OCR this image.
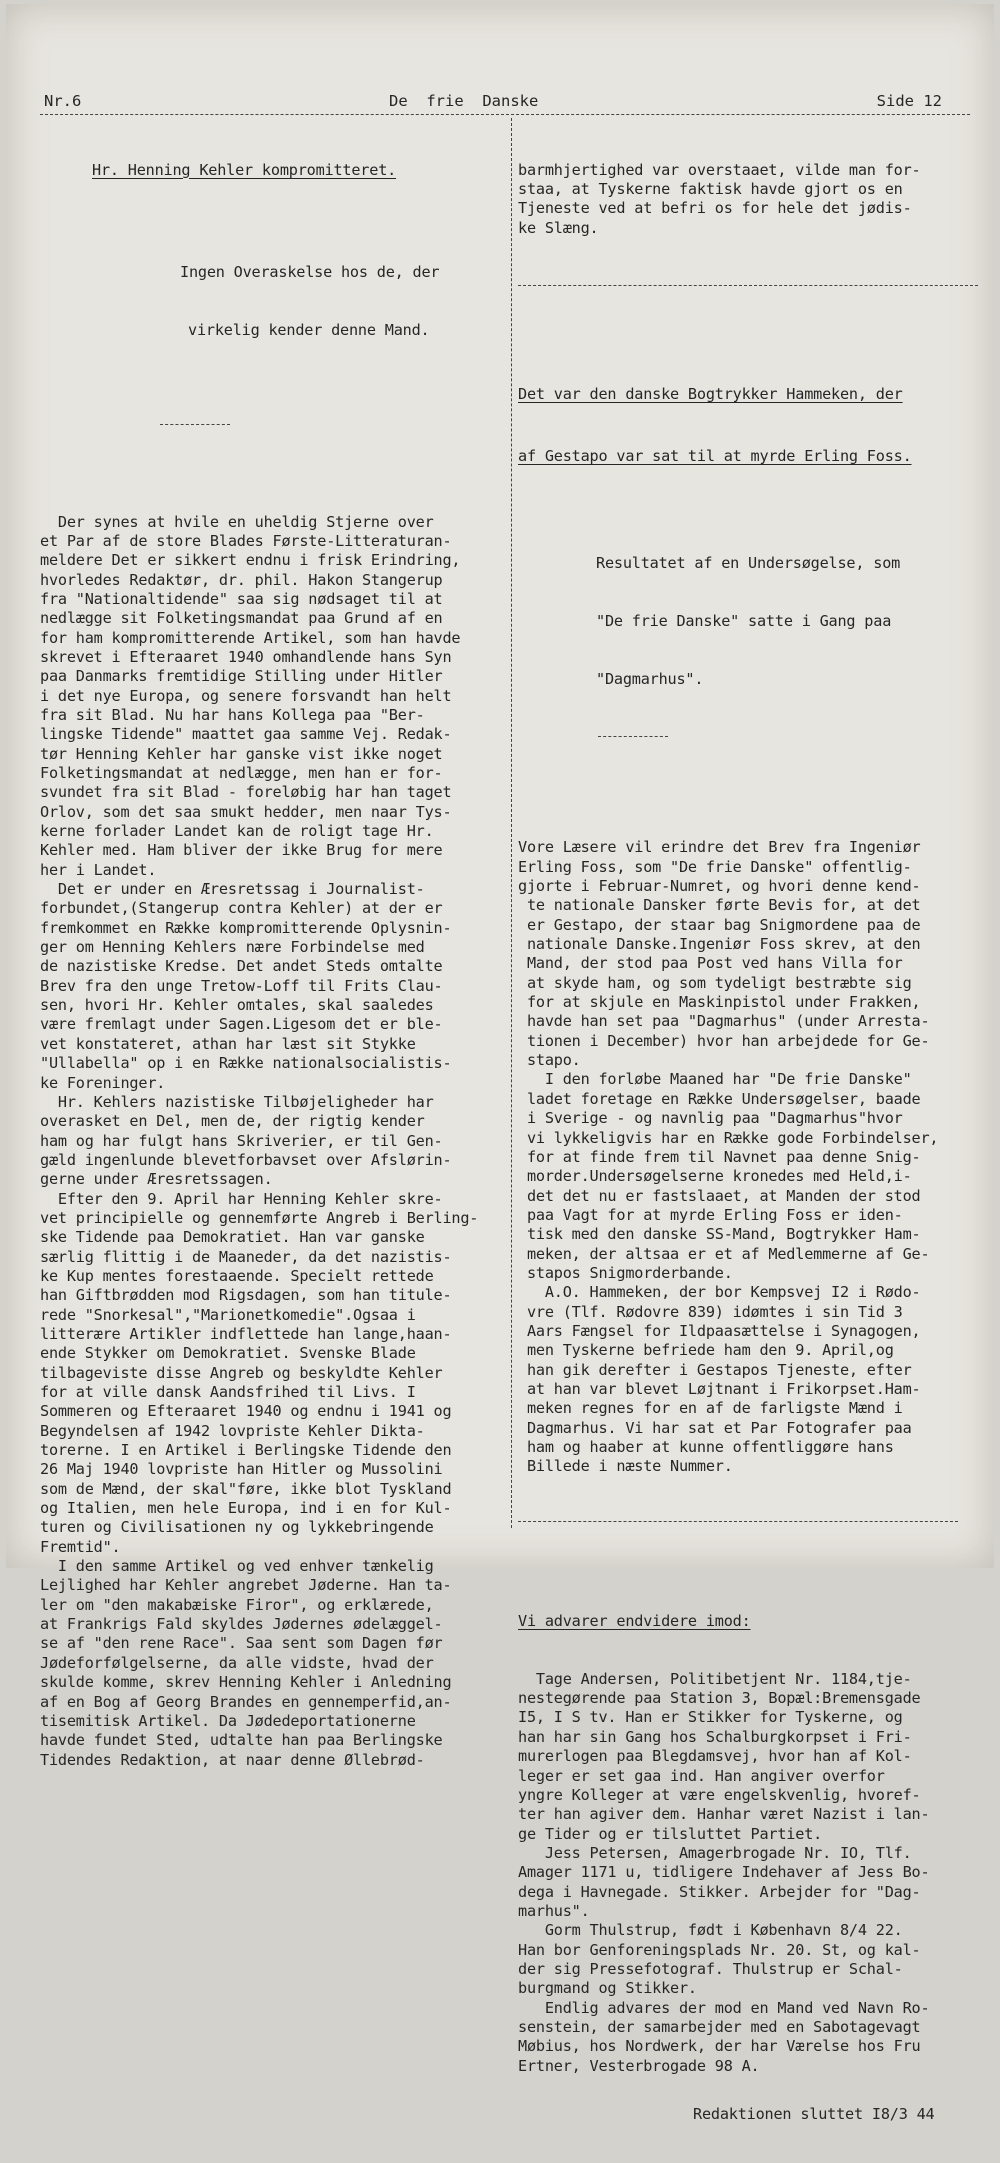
Nr.6	De  frie  Danske	Side 12

Hr. Henning Kehler kompromitteret.

Ingen Overaskelse hos de, der

virkelig kender denne Mand.

Der synes at hvile en uheldig Stjerne over
et Par af de store Blades Første-Litteraturan-
meldere Det er sikkert endnu i frisk Erindring,
hvorledes Redaktør, dr. phil. Hakon Stangerup
fra "Nationaltidende" saa sig nødsaget til at
nedlægge sit Folketingsmandat paa Grund af en
for ham kompromitterende Artikel, som han havde
skrevet i Efteraaret 1940 omhandlende hans Syn
paa Danmarks fremtidige Stilling under Hitler
i det nye Europa, og senere forsvandt han helt
fra sit Blad. Nu har hans Kollega paa "Ber-
lingske Tidende" maattet gaa samme Vej. Redak-
tør Henning Kehler har ganske vist ikke noget
Folketingsmandat at nedlægge, men han er for-
svundet fra sit Blad - foreløbig har han taget
Orlov, som det saa smukt hedder, men naar Tys-
kerne forlader Landet kan de roligt tage Hr.
Kehler med. Ham bliver der ikke Brug for mere
her i Landet.
Det er under en Æresretssag i Journalist-
forbundet,(Stangerup contra Kehler) at der er
fremkommet en Række kompromitterende Oplysnin-
ger om Henning Kehlers nære Forbindelse med
de nazistiske Kredse. Det andet Steds omtalte
Brev fra den unge Tretow-Loff til Frits Clau-
sen, hvori Hr. Kehler omtales, skal saaledes
være fremlagt under Sagen.Ligesom det er ble-
vet konstateret, athan har læst sit Stykke
"Ullabella" op i en Række nationalsocialistis-
ke Foreninger.
Hr. Kehlers nazistiske Tilbøjeligheder har
overasket en Del, men de, der rigtig kender
ham og har fulgt hans Skriverier, er til Gen-
gæld ingenlunde blevetforbavset over Afslørin-
gerne under Æresretssagen.
Efter den 9. April har Henning Kehler skre-
vet principielle og gennemførte Angreb i Berling-
ske Tidende paa Demokratiet. Han var ganske
særlig flittig i de Maaneder, da det nazistis-
ke Kup mentes forestaaende. Specielt rettede
han Giftbrødden mod Rigsdagen, som han titule-
rede "Snorkesal","Marionetkomedie".Ogsaa i
litterære Artikler indflettede han lange,haan-
ende Stykker om Demokratiet. Svenske Blade
tilbageviste disse Angreb og beskyldte Kehler
for at ville dansk Aandsfrihed til Livs. I
Sommeren og Efteraaret 1940 og endnu i 1941 og
Begyndelsen af 1942 lovpriste Kehler Dikta-
torerne. I en Artikel i Berlingske Tidende den
26 Maj 1940 lovpriste han Hitler og Mussolini
som de Mænd, der skal"føre, ikke blot Tyskland
og Italien, men hele Europa, ind i en for Kul-
turen og Civilisationen ny og lykkebringende
Fremtid".
I den samme Artikel og ved enhver tænkelig
Lejlighed har Kehler angrebet Jøderne. Han ta-
ler om "den makabæiske Firor", og erklærede,
at Frankrigs Fald skyldes Jødernes ødelæggel-
se af "den rene Race". Saa sent som Dagen før
Jødeforfølgelserne, da alle vidste, hvad der
skulde komme, skrev Henning Kehler i Anledning
af en Bog af Georg Brandes en gennemperfid,an-
tisemitisk Artikel. Da Jødedeportationerne
havde fundet Sted, udtalte han paa Berlingske
Tidendes Redaktion, at naar denne Øllebrød-

barmhjertighed var overstaaet, vilde man for-
staa, at Tyskerne faktisk havde gjort os en
Tjeneste ved at befri os for hele det jødis-
ke Slæng.

Det var den danske Bogtrykker Hammeken, der

af Gestapo var sat til at myrde Erling Foss.

Resultatet af en Undersøgelse, som

"De frie Danske" satte i Gang paa

"Dagmarhus".

Vore Læsere vil erindre det Brev fra Ingeniør
Erling Foss, som "De frie Danske" offentlig-
gjorte i Februar-Numret, og hvori denne kend-
te nationale Dansker førte Bevis for, at det
er Gestapo, der staar bag Snigmordene paa de
nationale Danske.Ingeniør Foss skrev, at den
Mand, der stod paa Post ved hans Villa for
at skyde ham, og som tydeligt bestræbte sig
for at skjule en Maskinpistol under Frakken,
havde han set paa "Dagmarhus" (under Arresta-
tionen i December) hvor han arbejdede for Ge-
stapo.
I den forløbe Maaned har "De frie Danske"
ladet foretage en Række Undersøgelser, baade
i Sverige - og navnlig paa "Dagmarhus"hvor
vi lykkeligvis har en Række gode Forbindelser,
for at finde frem til Navnet paa denne Snig-
morder.Undersøgelserne kronedes med Held,i-
det det nu er fastslaaet, at Manden der stod
paa Vagt for at myrde Erling Foss er iden-
tisk med den danske SS-Mand, Bogtrykker Ham-
meken, der altsaa er et af Medlemmerne af Ge-
stapos Snigmorderbande.
A.O. Hammeken, der bor Kempsvej I2 i Rødo-
vre (Tlf. Rødovre 839) idømtes i sin Tid 3
Aars Fængsel for Ildpaasættelse i Synagogen,
men Tyskerne befriede ham den 9. April,og
han gik derefter i Gestapos Tjeneste, efter
at han var blevet Løjtnant i Frikorpset.Ham-
meken regnes for en af de farligste Mænd i
Dagmarhus. Vi har sat et Par Fotografer paa
ham og haaber at kunne offentliggøre hans
Billede i næste Nummer.

Vi advarer endvidere imod:

Tage Andersen, Politibetjent Nr. 1184,tje-
nestegørende paa Station 3, Bopæl:Bremensgade
I5, I S tv. Han er Stikker for Tyskerne, og
han har sin Gang hos Schalburgkorpset i Fri-
murerlogen paa Blegdamsvej, hvor han af Kol-
leger er set gaa ind. Han angiver overfor
yngre Kolleger at være engelskvenlig, hvoref-
ter han agiver dem. Hanhar været Nazist i lan-
ge Tider og er tilsluttet Partiet.
Jess Petersen, Amagerbrogade Nr. IO, Tlf.
Amager 1171 u, tidligere Indehaver af Jess Bo-
dega i Havnegade. Stikker. Arbejder for "Dag-
marhus".
Gorm Thulstrup, født i København 8/4 22.
Han bor Genforeningsplads Nr. 20. St, og kal-
der sig Pressefotograf. Thulstrup er Schal-
burgmand og Stikker.
Endlig advares der mod en Mand ved Navn Ro-
senstein, der samarbejder med en Sabotagevagt
Møbius, hos Nordwerk, der har Værelse hos Fru
Ertner, Vesterbrogade 98 A.

Redaktionen sluttet I8/3 44
